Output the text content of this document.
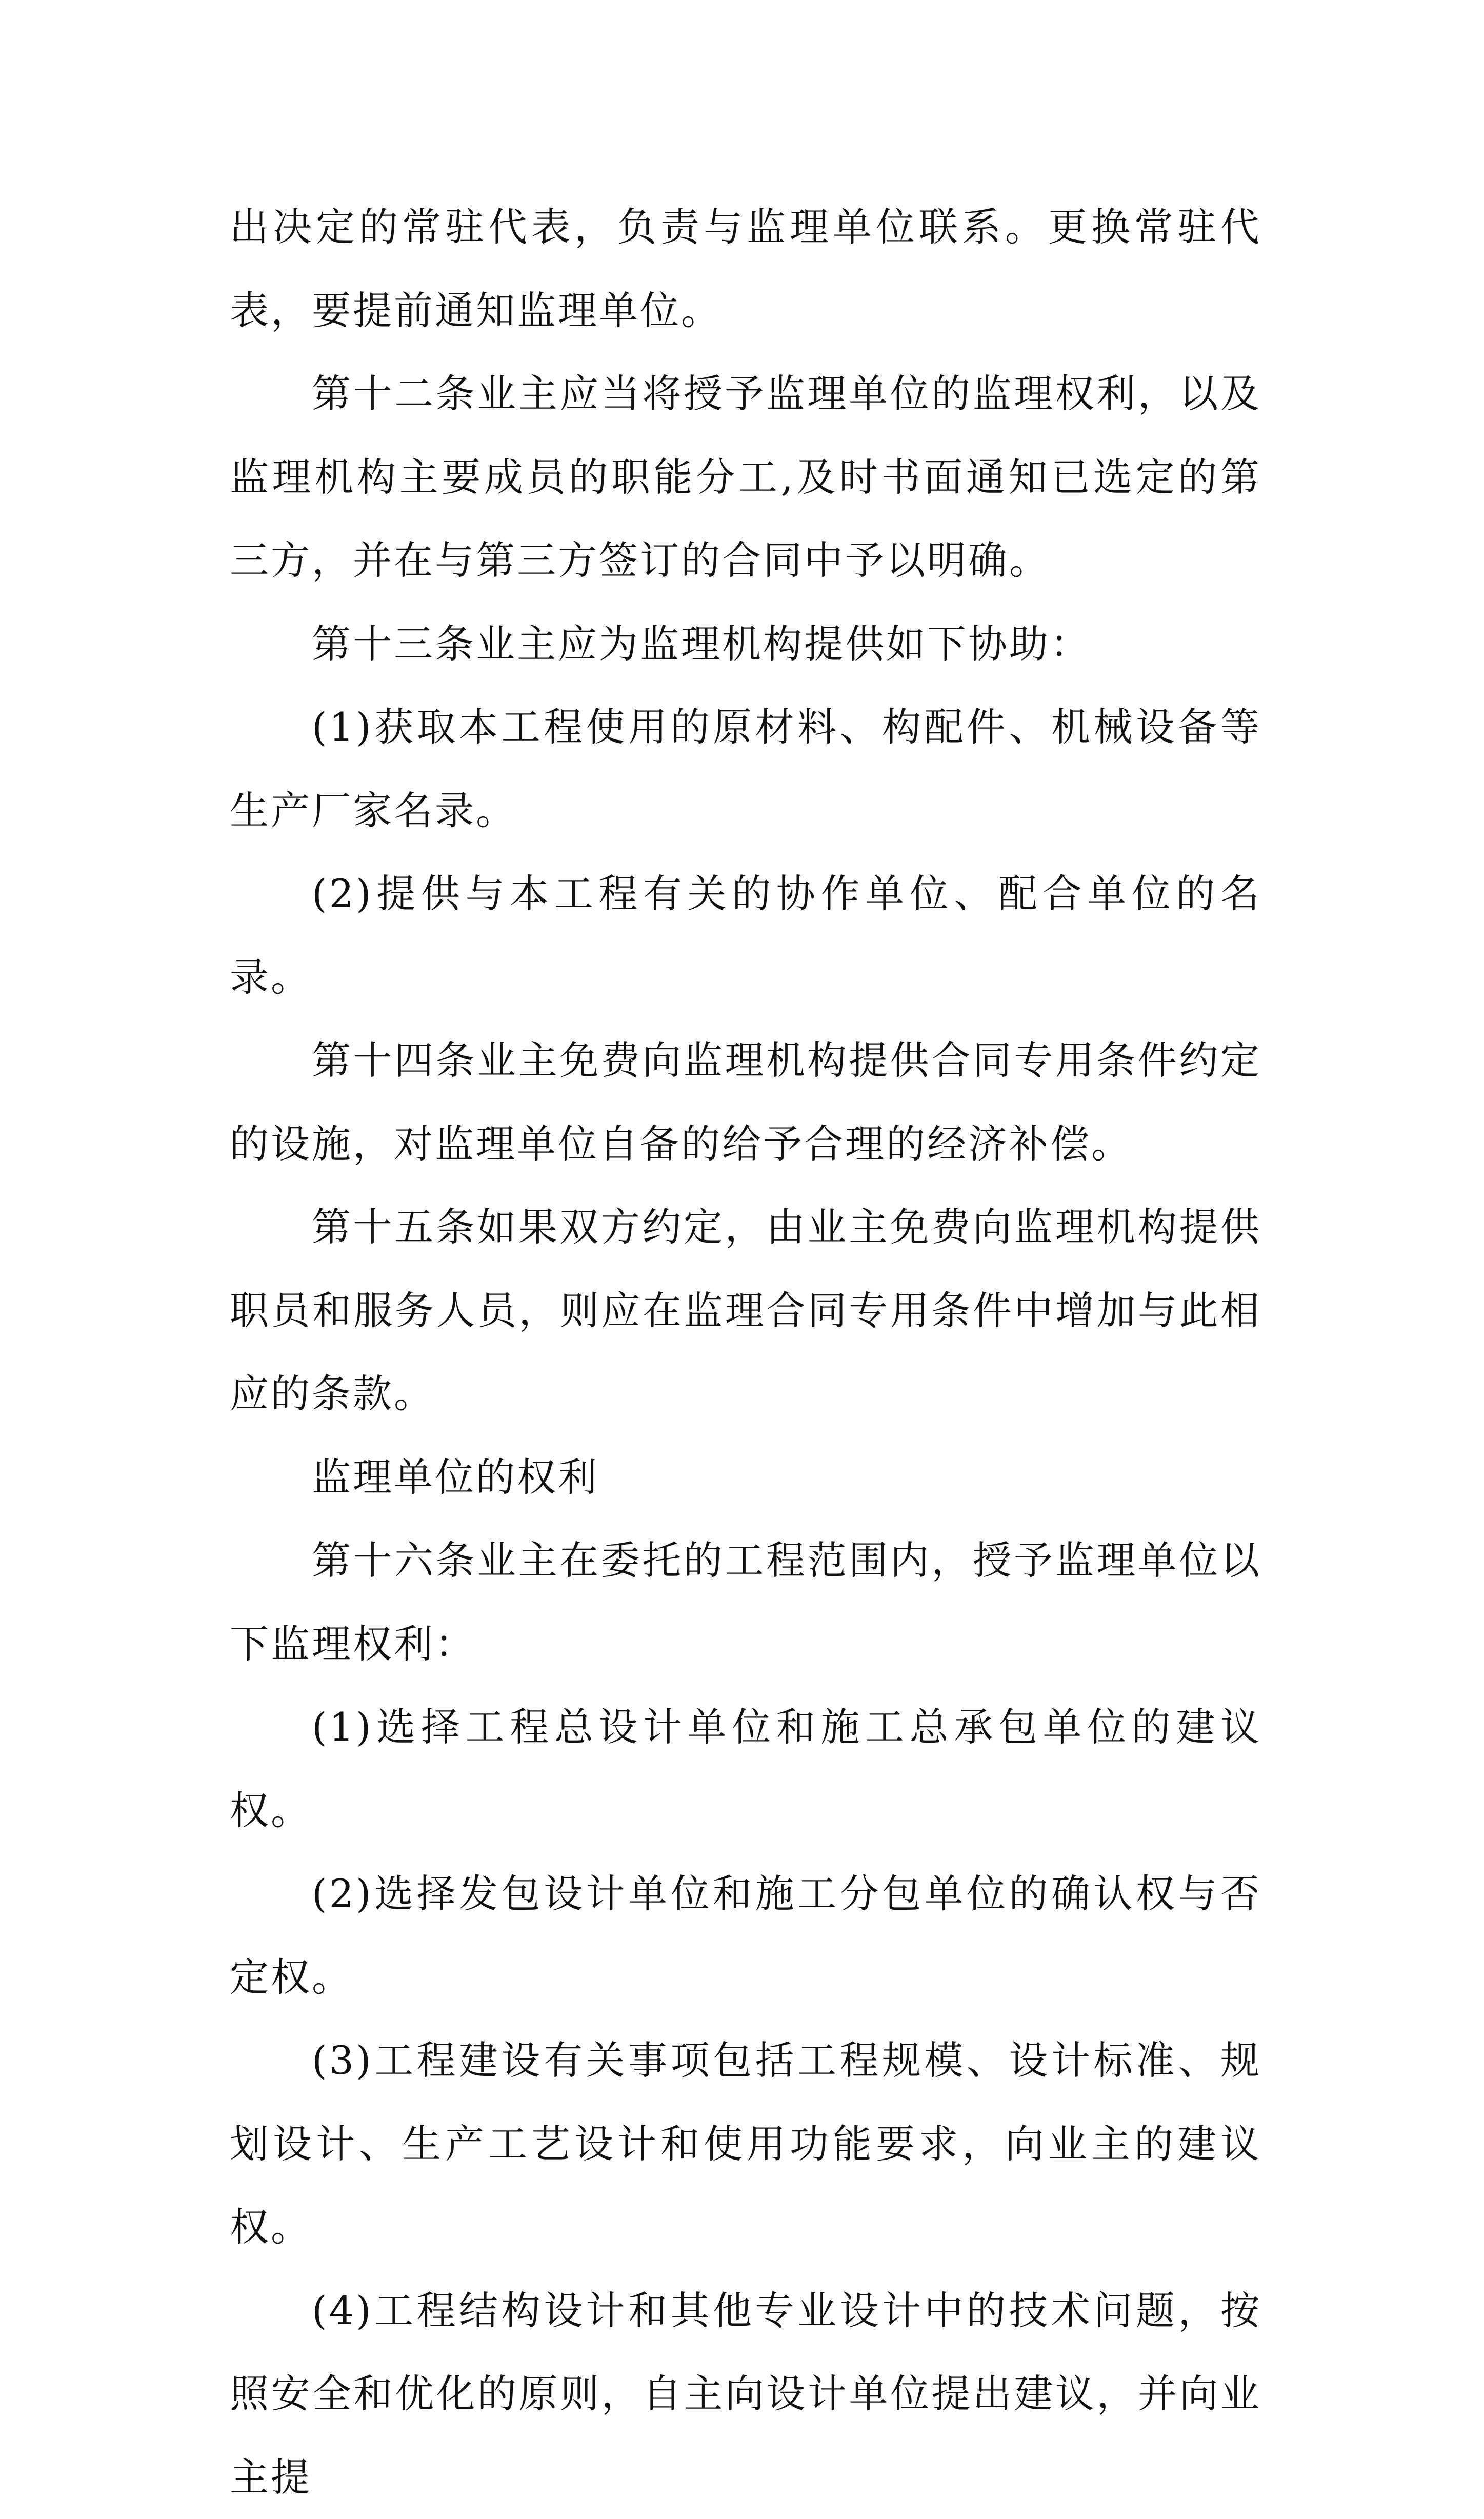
出决定的常驻代表，负责与监理单位联系。更换常驻代表，要提前通知监理单位。

第十二条业主应当将授予监理单位的监理权利，以及监理机构主要成员的职能分工,及时书面通知已选定的第三方，并在与第三方签订的合同中予以明确。

第十三条业主应为监理机构提供如下协助：

(1)获取本工程使用的原材料、构配件、机械设备等生产厂家名录。

(2)提供与本工程有关的协作单位、配合单位的名录。

第十四条业主免费向监理机构提供合同专用条件约定的设施，对监理单位自备的给予合理的经济补偿。

第十五条如果双方约定，由业主免费向监理机构提供职员和服务人员，则应在监理合同专用条件中增加与此相应的条款。

监理单位的权利

第十六条业主在委托的工程范围内，授予监理单位以下监理权利：

(1)选择工程总设计单位和施工总承包单位的建议权。

(2)选择发包设计单位和施工分包单位的确认权与否定权。

(3)工程建设有关事项包括工程规模、设计标准、规划设计、生产工艺设计和使用功能要求，向业主的建议权。

(4)工程结构设计和其他专业设计中的技术问题，按照安全和优化的原则，自主向设计单位提出建议，并向业主提
